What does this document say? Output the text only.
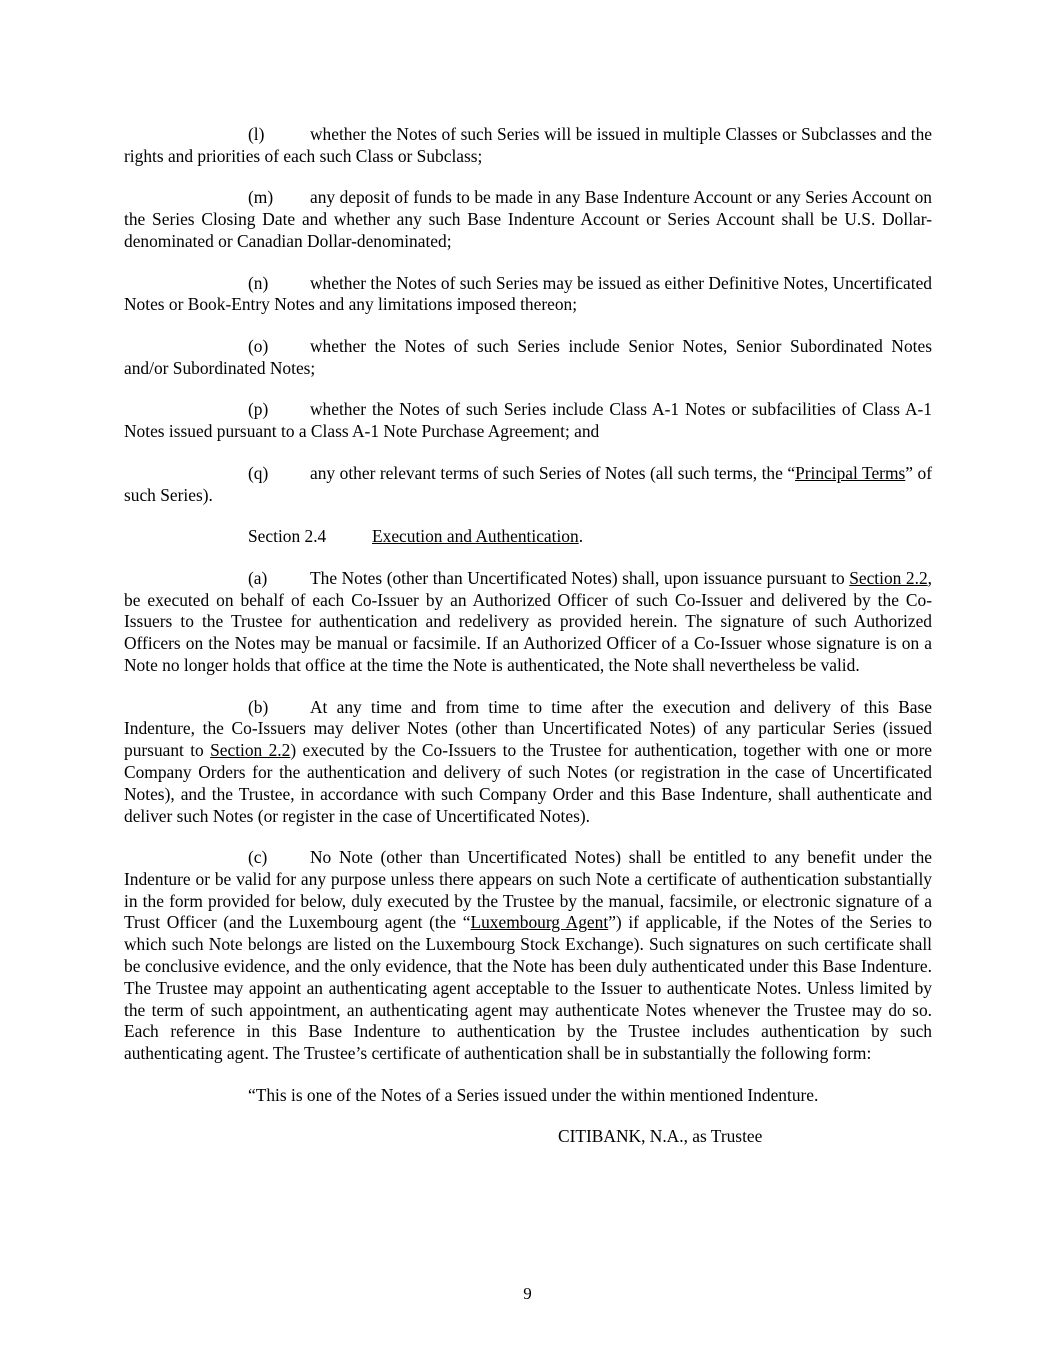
(l)	whether the Notes of such Series will be issued in multiple Classes or Subclasses and the rights and priorities of each such Class or Subclass;

(m) any deposit of funds to be made in any Base Indenture Account or any Series Account on the Series Closing Date and whether any such Base Indenture Account or Series Account shall be U.S. Dollar-denominated or Canadian Dollar-denominated;

(n) whether the Notes of such Series may be issued as either Definitive Notes, Uncertificated Notes or Book-Entry Notes and any limitations imposed thereon;

(o) whether the Notes of such Series include Senior Notes, Senior Subordinated Notes and/or Subordinated Notes;

(p) whether the Notes of such Series include Class A-1 Notes or subfacilities of Class A-1 Notes issued pursuant to a Class A-1 Note Purchase Agreement; and

(q) any other relevant terms of such Series of Notes (all such terms, the “Principal Terms” of such Series).

Section 2.4	Execution and Authentication.

(a) The Notes (other than Uncertificated Notes) shall, upon issuance pursuant to Section 2.2, be executed on behalf of each Co-Issuer by an Authorized Officer of such Co-Issuer and delivered by the Co-Issuers to the Trustee for authentication and redelivery as provided herein. The signature of such Authorized Officers on the Notes may be manual or facsimile. If an Authorized Officer of a Co-Issuer whose signature is on a Note no longer holds that office at the time the Note is authenticated, the Note shall nevertheless be valid.

(b) At any time and from time to time after the execution and delivery of this Base Indenture, the Co-Issuers may deliver Notes (other than Uncertificated Notes) of any particular Series (issued pursuant to Section 2.2) executed by the Co-Issuers to the Trustee for authentication, together with one or more Company Orders for the authentication and delivery of such Notes (or registration in the case of Uncertificated Notes), and the Trustee, in accordance with such Company Order and this Base Indenture, shall authenticate and deliver such Notes (or register in the case of Uncertificated Notes).

(c) No Note (other than Uncertificated Notes) shall be entitled to any benefit under the Indenture or be valid for any purpose unless there appears on such Note a certificate of authentication substantially in the form provided for below, duly executed by the Trustee by the manual, facsimile, or electronic signature of a Trust Officer (and the Luxembourg agent (the “Luxembourg Agent”) if applicable, if the Notes of the Series to which such Note belongs are listed on the Luxembourg Stock Exchange). Such signatures on such certificate shall be conclusive evidence, and the only evidence, that the Note has been duly authenticated under this Base Indenture. The Trustee may appoint an authenticating agent acceptable to the Issuer to authenticate Notes. Unless limited by the term of such appointment, an authenticating agent may authenticate Notes whenever the Trustee may do so. Each reference in this Base Indenture to authentication by the Trustee includes authentication by such authenticating agent. The Trustee’s certificate of authentication shall be in substantially the following form:

“This is one of the Notes of a Series issued under the within mentioned Indenture.

CITIBANK, N.A., as Trustee

9
